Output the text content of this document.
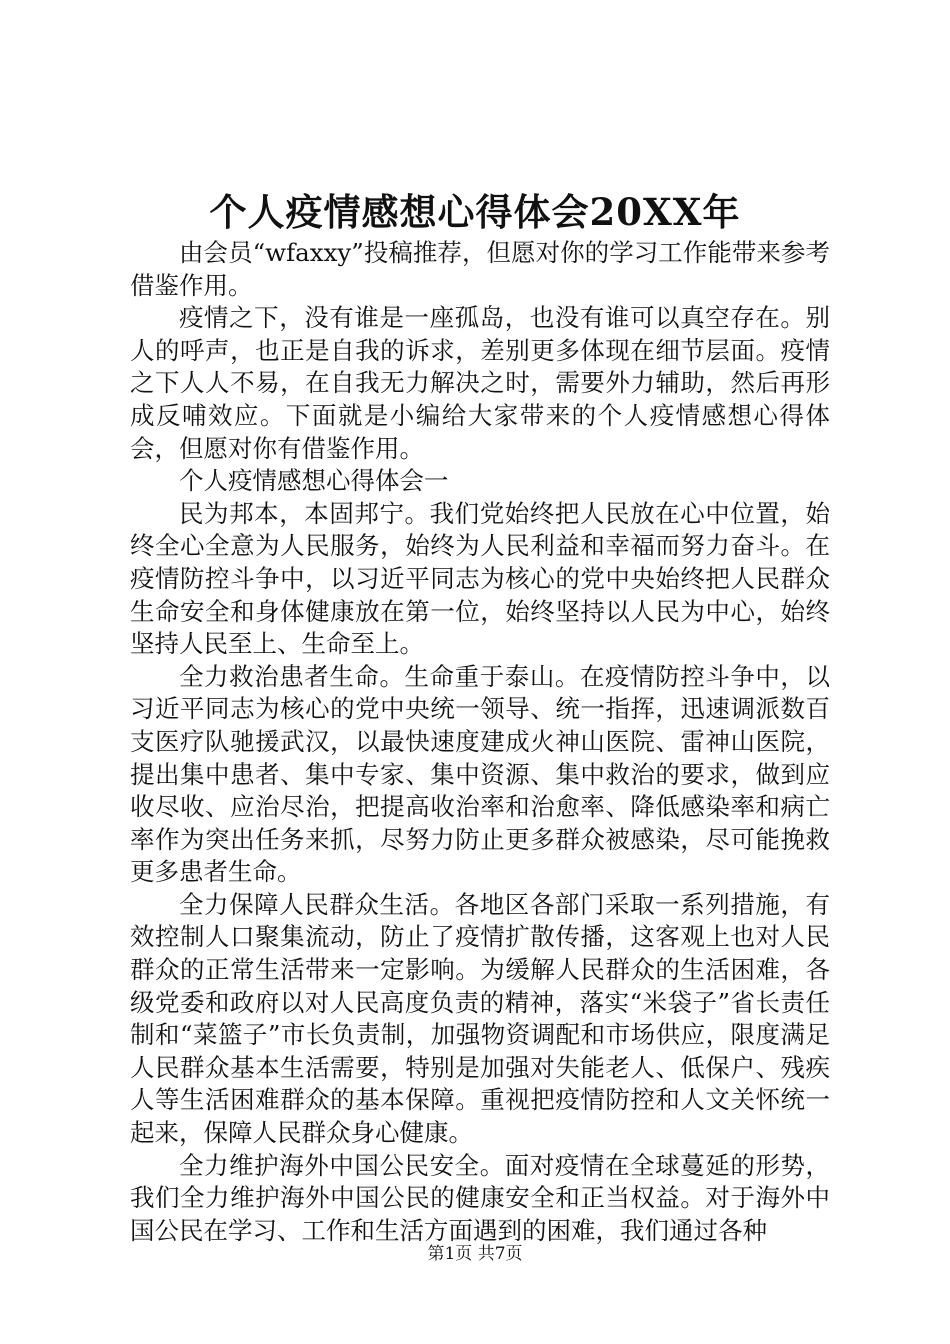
个人疫情感想心得体会20XX年

由会员“wfaxxy”投稿推荐，但愿对你的学习工作能带来参考借鉴作用。

疫情之下，没有谁是一座孤岛，也没有谁可以真空存在。别人的呼声，也正是自我的诉求，差别更多体现在细节层面。疫情之下人人不易，在自我无力解决之时，需要外力辅助，然后再形成反哺效应。下面就是小编给大家带来的个人疫情感想心得体会，但愿对你有借鉴作用。

个人疫情感想心得体会一

民为邦本，本固邦宁。我们党始终把人民放在心中位置，始终全心全意为人民服务，始终为人民利益和幸福而努力奋斗。在疫情防控斗争中，以习近平同志为核心的党中央始终把人民群众生命安全和身体健康放在第一位，始终坚持以人民为中心，始终坚持人民至上、生命至上。

全力救治患者生命。生命重于泰山。在疫情防控斗争中，以习近平同志为核心的党中央统一领导、统一指挥，迅速调派数百支医疗队驰援武汉，以最快速度建成火神山医院、雷神山医院，提出集中患者、集中专家、集中资源、集中救治的要求，做到应收尽收、应治尽治，把提高收治率和治愈率、降低感染率和病亡率作为突出任务来抓，尽努力防止更多群众被感染，尽可能挽救更多患者生命。

全力保障人民群众生活。各地区各部门采取一系列措施，有效控制人口聚集流动，防止了疫情扩散传播，这客观上也对人民群众的正常生活带来一定影响。为缓解人民群众的生活困难，各级党委和政府以对人民高度负责的精神，落实“米袋子”省长责任制和“菜篮子”市长负责制，加强物资调配和市场供应，限度满足人民群众基本生活需要，特别是加强对失能老人、低保户、残疾人等生活困难群众的基本保障。重视把疫情防控和人文关怀统一起来，保障人民群众身心健康。

全力维护海外中国公民安全。面对疫情在全球蔓延的形势，我们全力维护海外中国公民的健康安全和正当权益。对于海外中国公民在学习、工作和生活方面遇到的困难，我们通过各种

第1页 共7页
